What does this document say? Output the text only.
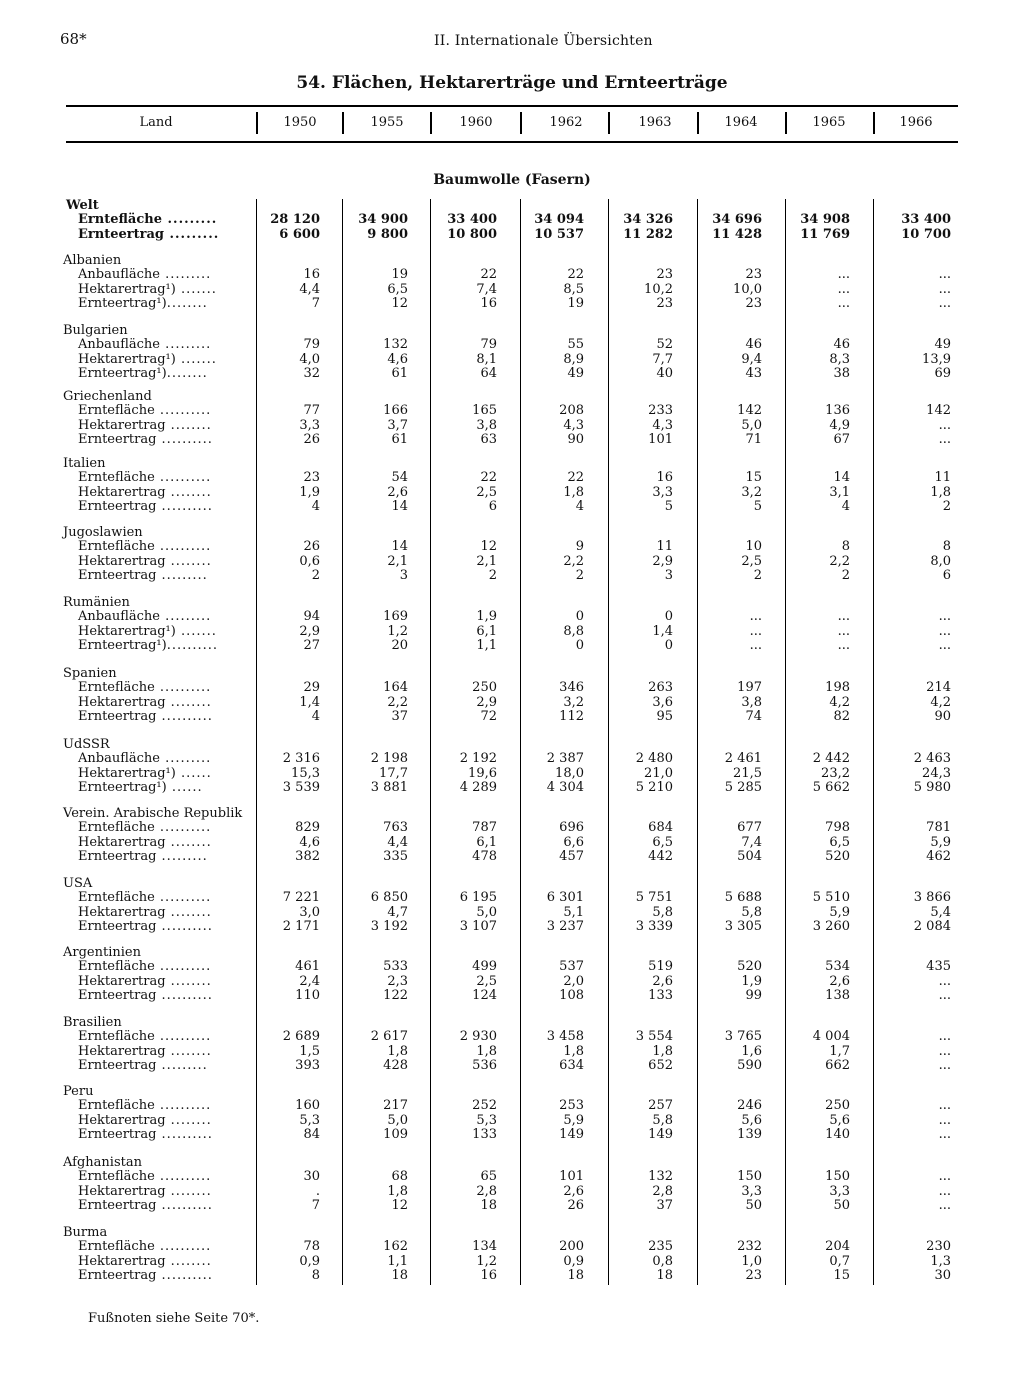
68*	II. Internationale Übersichten
54. Flächen, Hektarerträge und Ernteerträge
Land	1950	1955	1960	1962	1963	1964	1965	1966
Baumwolle (Fasern)
Welt
Erntefläche .........	28 120	34 900	33 400	34 094	34 326	34 696	34 908	33 400
Ernteertrag .........	6 600	9 800	10 800	10 537	11 282	11 428	11 769	10 700
Albanien
Anbaufläche .........	16	19	22	22	23	23	...	...
Hektarertrag¹) .......	4,4	6,5	7,4	8,5	10,2	10,0	...	...
Ernteertrag¹)........	7	12	16	19	23	23	...	...
Bulgarien
Anbaufläche .........	79	132	79	55	52	46	46	49
Hektarertrag¹) .......	4,0	4,6	8,1	8,9	7,7	9,4	8,3	13,9
Ernteertrag¹)........	32	61	64	49	40	43	38	69
Griechenland
Erntefläche ..........	77	166	165	208	233	142	136	142
Hektarertrag ........	3,3	3,7	3,8	4,3	4,3	5,0	4,9	...
Ernteertrag ..........	26	61	63	90	101	71	67	...
Italien
Erntefläche ..........	23	54	22	22	16	15	14	11
Hektarertrag ........	1,9	2,6	2,5	1,8	3,3	3,2	3,1	1,8
Ernteertrag ..........	4	14	6	4	5	5	4	2
Jugoslawien
Erntefläche ..........	26	14	12	9	11	10	8	8
Hektarertrag ........	0,6	2,1	2,1	2,2	2,9	2,5	2,2	8,0
Ernteertrag .........	2	3	2	2	3	2	2	6
Rumänien
Anbaufläche .........	94	169	1,9	0	0	...	...	...
Hektarertrag¹) .......	2,9	1,2	6,1	8,8	1,4	...	...	...
Ernteertrag¹)..........	27	20	1,1	0	0	...	...	...
Spanien
Erntefläche ..........	29	164	250	346	263	197	198	214
Hektarertrag ........	1,4	2,2	2,9	3,2	3,6	3,8	4,2	4,2
Ernteertrag ..........	4	37	72	112	95	74	82	90
UdSSR
Anbaufläche .........	2 316	2 198	2 192	2 387	2 480	2 461	2 442	2 463
Hektarertrag¹) ......	15,3	17,7	19,6	18,0	21,0	21,5	23,2	24,3
Ernteertrag¹) ......	3 539	3 881	4 289	4 304	5 210	5 285	5 662	5 980
Verein. Arabische Republik
Erntefläche ..........	829	763	787	696	684	677	798	781
Hektarertrag ........	4,6	4,4	6,1	6,6	6,5	7,4	6,5	5,9
Ernteertrag .........	382	335	478	457	442	504	520	462
USA
Erntefläche ..........	7 221	6 850	6 195	6 301	5 751	5 688	5 510	3 866
Hektarertrag ........	3,0	4,7	5,0	5,1	5,8	5,8	5,9	5,4
Ernteertrag ..........	2 171	3 192	3 107	3 237	3 339	3 305	3 260	2 084
Argentinien
Erntefläche ..........	461	533	499	537	519	520	534	435
Hektarertrag ........	2,4	2,3	2,5	2,0	2,6	1,9	2,6	...
Ernteertrag ..........	110	122	124	108	133	99	138	...
Brasilien
Erntefläche ..........	2 689	2 617	2 930	3 458	3 554	3 765	4 004	...
Hektarertrag ........	1,5	1,8	1,8	1,8	1,8	1,6	1,7	...
Ernteertrag .........	393	428	536	634	652	590	662	...
Peru
Erntefläche ..........	160	217	252	253	257	246	250	...
Hektarertrag ........	5,3	5,0	5,3	5,9	5,8	5,6	5,6	...
Ernteertrag ..........	84	109	133	149	149	139	140	...
Afghanistan
Erntefläche ..........	30	68	65	101	132	150	150	...
Hektarertrag ........	.	1,8	2,8	2,6	2,8	3,3	3,3	...
Ernteertrag ..........	7	12	18	26	37	50	50	...
Burma
Erntefläche ..........	78	162	134	200	235	232	204	230
Hektarertrag ........	0,9	1,1	1,2	0,9	0,8	1,0	0,7	1,3
Ernteertrag ..........	8	18	16	18	18	23	15	30
Fußnoten siehe Seite 70*.
